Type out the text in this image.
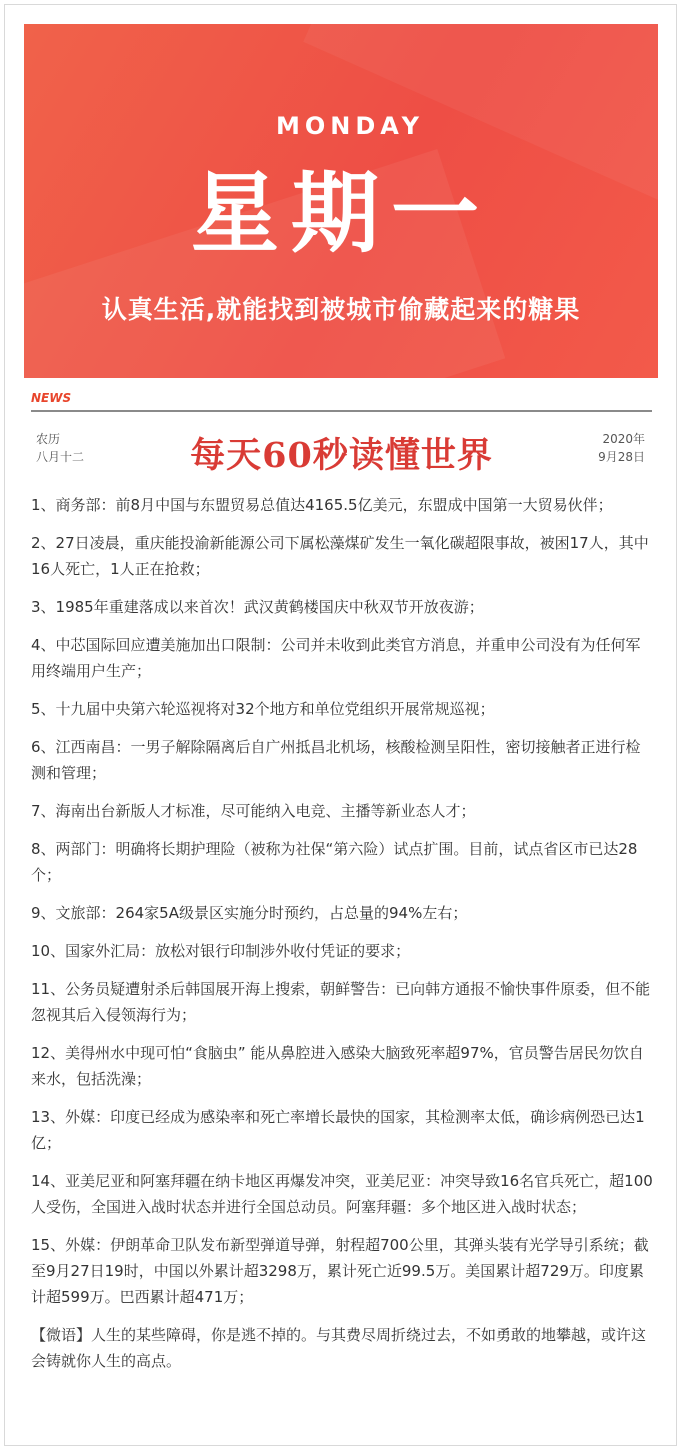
MONDAY
星期一
认真生活,就能找到被城市偷藏起来的糖果
NEWS
农历
八月十二	每天60秒读懂世界	2020年
9月28日

1、商务部：前8月中国与东盟贸易总值达4165.5亿美元，东盟成中国第一大贸易伙伴；

2、27日凌晨，重庆能投渝新能源公司下属松藻煤矿发生一氧化碳超限事故，被困17人，其中16人死亡，1人正在抢救；

3、1985年重建落成以来首次！武汉黄鹤楼国庆中秋双节开放夜游；

4、中芯国际回应遭美施加出口限制：公司并未收到此类官方消息，并重申公司没有为任何军用终端用户生产；

5、十九届中央第六轮巡视将对32个地方和单位党组织开展常规巡视；

6、江西南昌：一男子解除隔离后自广州抵昌北机场，核酸检测呈阳性，密切接触者正进行检测和管理；

7、海南出台新版人才标准，尽可能纳入电竞、主播等新业态人才；

8、两部门：明确将长期护理险（被称为社保“第六险）试点扩围。目前，试点省区市已达28个；

9、文旅部：264家5A级景区实施分时预约，占总量的94%左右；

10、国家外汇局：放松对银行印制涉外收付凭证的要求；

11、公务员疑遭射杀后韩国展开海上搜索，朝鲜警告：已向韩方通报不愉快事件原委，但不能忽视其后入侵领海行为；

12、美得州水中现可怕“食脑虫” 能从鼻腔进入感染大脑致死率超97%，官员警告居民勿饮自来水，包括洗澡；

13、外媒：印度已经成为感染率和死亡率增长最快的国家，其检测率太低，确诊病例恐已达1亿；

14、亚美尼亚和阿塞拜疆在纳卡地区再爆发冲突，亚美尼亚：冲突导致16名官兵死亡，超100人受伤，全国进入战时状态并进行全国总动员。阿塞拜疆：多个地区进入战时状态；

15、外媒：伊朗革命卫队发布新型弹道导弹，射程超700公里，其弹头装有光学导引系统；截至9月27日19时，中国以外累计超3298万，累计死亡近99.5万。美国累计超729万。印度累计超599万。巴西累计超471万；

【微语】人生的某些障碍，你是逃不掉的。与其费尽周折绕过去，不如勇敢的地攀越，或许这会铸就你人生的高点。
